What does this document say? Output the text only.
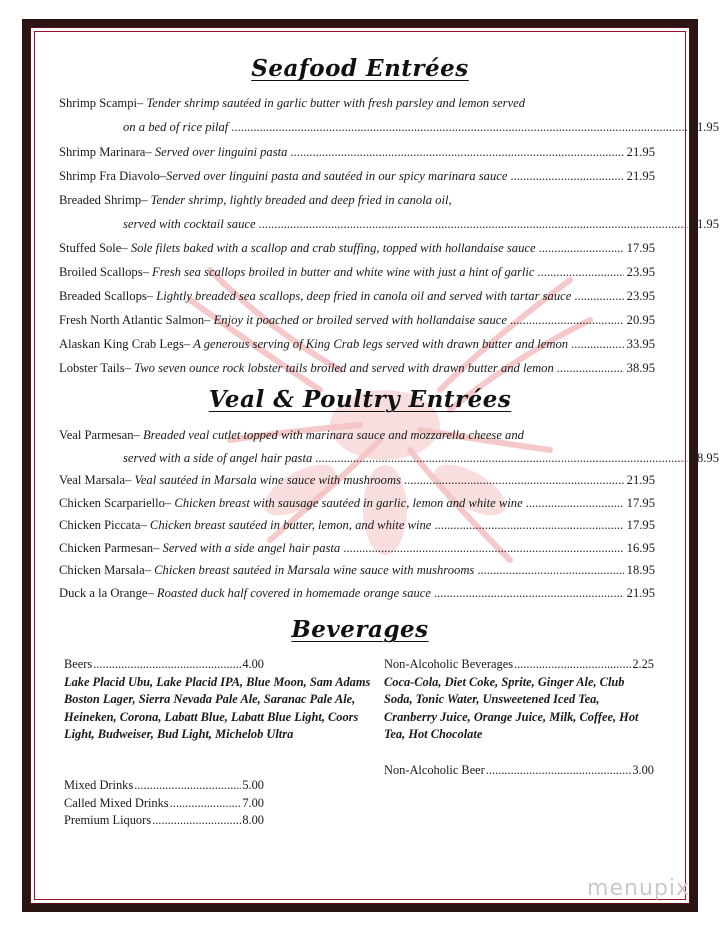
Seafood Entrées
Shrimp Scampi – Tender shrimp sautéed in garlic butter with fresh parsley and lemon served
on a bed of rice pilaf .....	21.95
Shrimp Marinara – Served over linguini pasta .....	21.95
Shrimp Fra Diavolo –Served over linguini pasta and sautéed in our spicy marinara sauce .....	21.95
Breaded Shrimp – Tender shrimp, lightly breaded and deep fried in canola oil,
served with cocktail sauce .....	21.95
Stuffed Sole – Sole filets baked with a scallop and crab stuffing, topped with hollandaise sauce .....	17.95
Broiled Scallops – Fresh sea scallops broiled in butter and white wine with just a hint of garlic .....	23.95
Breaded Scallops – Lightly breaded sea scallops, deep fried in canola oil and served with tartar sauce .....	23.95
Fresh North Atlantic Salmon – Enjoy it poached or broiled served with hollandaise sauce .....	20.95
Alaskan King Crab Legs – A generous serving of King Crab legs served with drawn butter and lemon .....	33.95
Lobster Tails – Two seven ounce rock lobster tails broiled and served with drawn butter and lemon .....	38.95
Veal & Poultry Entrées
Veal Parmesan – Breaded veal cutlet topped with marinara sauce and mozzarella cheese and
served with a side of angel hair pasta .....	18.95
Veal Marsala – Veal sautéed in Marsala wine sauce with mushrooms .....	21.95
Chicken Scarpariello – Chicken breast with sausage sautéed in garlic, lemon and white wine .....	17.95
Chicken Piccata – Chicken breast sautéed in butter, lemon, and white wine .....	17.95
Chicken Parmesan – Served with a side angel hair pasta .....	16.95
Chicken Marsala – Chicken breast sautéed in Marsala wine sauce with mushrooms .....	18.95
Duck a la Orange – Roasted duck half covered in homemade orange sauce .....	21.95
Beverages
Beers .....	4.00
Lake Placid Ubu, Lake Placid IPA, Blue Moon, Sam Adams Boston Lager, Sierra Nevada Pale Ale, Saranac Pale Ale, Heineken, Corona, Labatt Blue, Labatt Blue Light, Coors Light, Budweiser, Bud Light, Michelob Ultra
Mixed Drinks .....	5.00
Called Mixed Drinks .....	7.00
Premium Liquors .....	8.00
Non-Alcoholic Beverages .....	2.25
Coca-Cola, Diet Coke, Sprite, Ginger Ale, Club Soda, Tonic Water, Unsweetened Iced Tea, Cranberry Juice, Orange Juice, Milk, Coffee, Hot Tea, Hot Chocolate
Non-Alcoholic Beer .....	3.00
menupix
